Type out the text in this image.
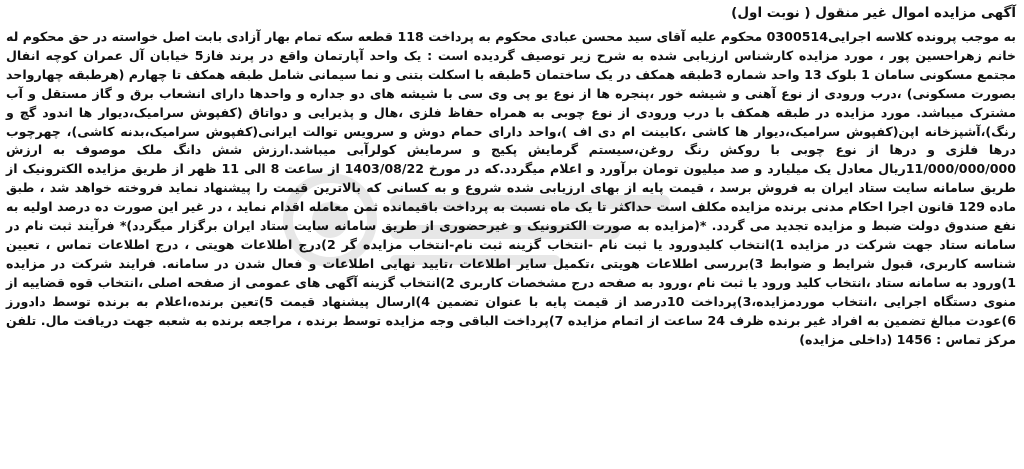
آگهی مزایده اموال غیر منقول ( نوبت اول)

به موجب پرونده کلاسه اجرایی0300514 محکوم علیه آقای سید محسن عبادی محکوم به پرداخت 118 قطعه سکه تمام بهار آزادی بابت اصل خواسته در حق محکوم له خانم زهراحسین پور ، مورد مزایده کارشناس ارزیابی شده به شرح زیر توصیف گردیده است : یک واحد آپارتمان واقع در پرند فاز5 خیابان آل عمران کوچه انفال مجتمع مسکونی سامان 1 بلوک 13 واحد شماره 3طبقه همکف در یک ساختمان 5طبقه با اسکلت بتنی و نما سیمانی شامل طبقه همکف تا چهارم (هرطبقه چهارواحد بصورت مسکونی) ،درب ورودی از نوع آهنی و شیشه خور ،پنجره ها از نوع یو پی وی سی با شیشه های دو جداره و واحدها دارای انشعاب برق و گاز مستقل و آب مشترک میباشد. مورد مزایده در طبقه همکف با درب ورودی از نوع چوبی به همراه حفاظ فلزی ،هال و پذیرایی و دواتاق (کفپوش سرامیک،دیوار ها اندود گچ و رنگ)،آشپزخانه اپن(کفپوش سرامیک،دیوار ها کاشی ،کابینت ام دی اف )،واحد دارای حمام دوش و سرویس توالت ایرانی(کفپوش سرامیک،بدنه کاشی)، چهرچوب درها فلزی و درها از نوع چوبی با روکش رنگ روغن،سیستم گرمایش پکیج و سرمایش کولرآبی میباشد.ارزش شش دانگ ملک موصوف به ارزش 11/000/000/000ریال معادل یک میلیارد و صد میلیون تومان برآورد و اعلام میگردد.که در مورخ 1403/08/22 از ساعت 8 الی 11 ظهر از طریق مزایده الکترونیک از طریق سامانه سایت ستاد ایران به فروش برسد ، قیمت پایه از بهای ارزیابی شده شروع و به کسانی که بالاترین قیمت را پیشنهاد نماید فروخته خواهد شد ، طبق ماده 129 قانون اجرا احکام مدنی برنده مزایده مکلف است حداکثر تا یک ماه نسبت به پرداخت باقیمانده ثمن معامله اقدام نماید ، در غیر این صورت ده درصد اولیه به نفع صندوق دولت ضبط و مزایده تجدید می گردد. *(مزایده به صورت الکترونیک و غیرحضوری از طریق سامانه سایت ستاد ایران برگزار میگردد)* فرآیند ثبت نام در سامانه ستاد جهت شرکت در مزایده 1)انتخاب کلیدورود یا ثبت نام -انتخاب گزینه ثبت نام-انتخاب مزایده گر 2)درج اطلاعات هویتی ، درج اطلاعات تماس ، تعیین شناسه کاربری، قبول شرایط و ضوابط 3)بررسی اطلاعات هویتی ،تکمیل سایر اطلاعات ،تایید نهایی اطلاعات و فعال شدن در سامانه. فرایند شرکت در مزایده 1)ورود به سامانه ستاد ،انتخاب کلید ورود یا ثبت نام ،ورود به صفحه درج مشخصات کاربری 2)انتخاب گزینه آگهی های عمومی از صفحه اصلی ،انتخاب قوه قضاییه از منوی دستگاه اجرایی ،انتخاب موردمزایده،3)پرداخت 10درصد از قیمت پایه با عنوان تضمین 4)ارسال پیشنهاد قیمت 5)تعین برنده،اعلام به برنده توسط دادورز 6)عودت مبالغ تضمین به افراد غیر برنده ظرف 24 ساعت از اتمام مزایده 7)پرداخت الباقی وجه مزایده توسط برنده ، مراجعه برنده به شعبه جهت دریافت مال. تلفن مرکز تماس : 1456 (داخلی مزایده)
